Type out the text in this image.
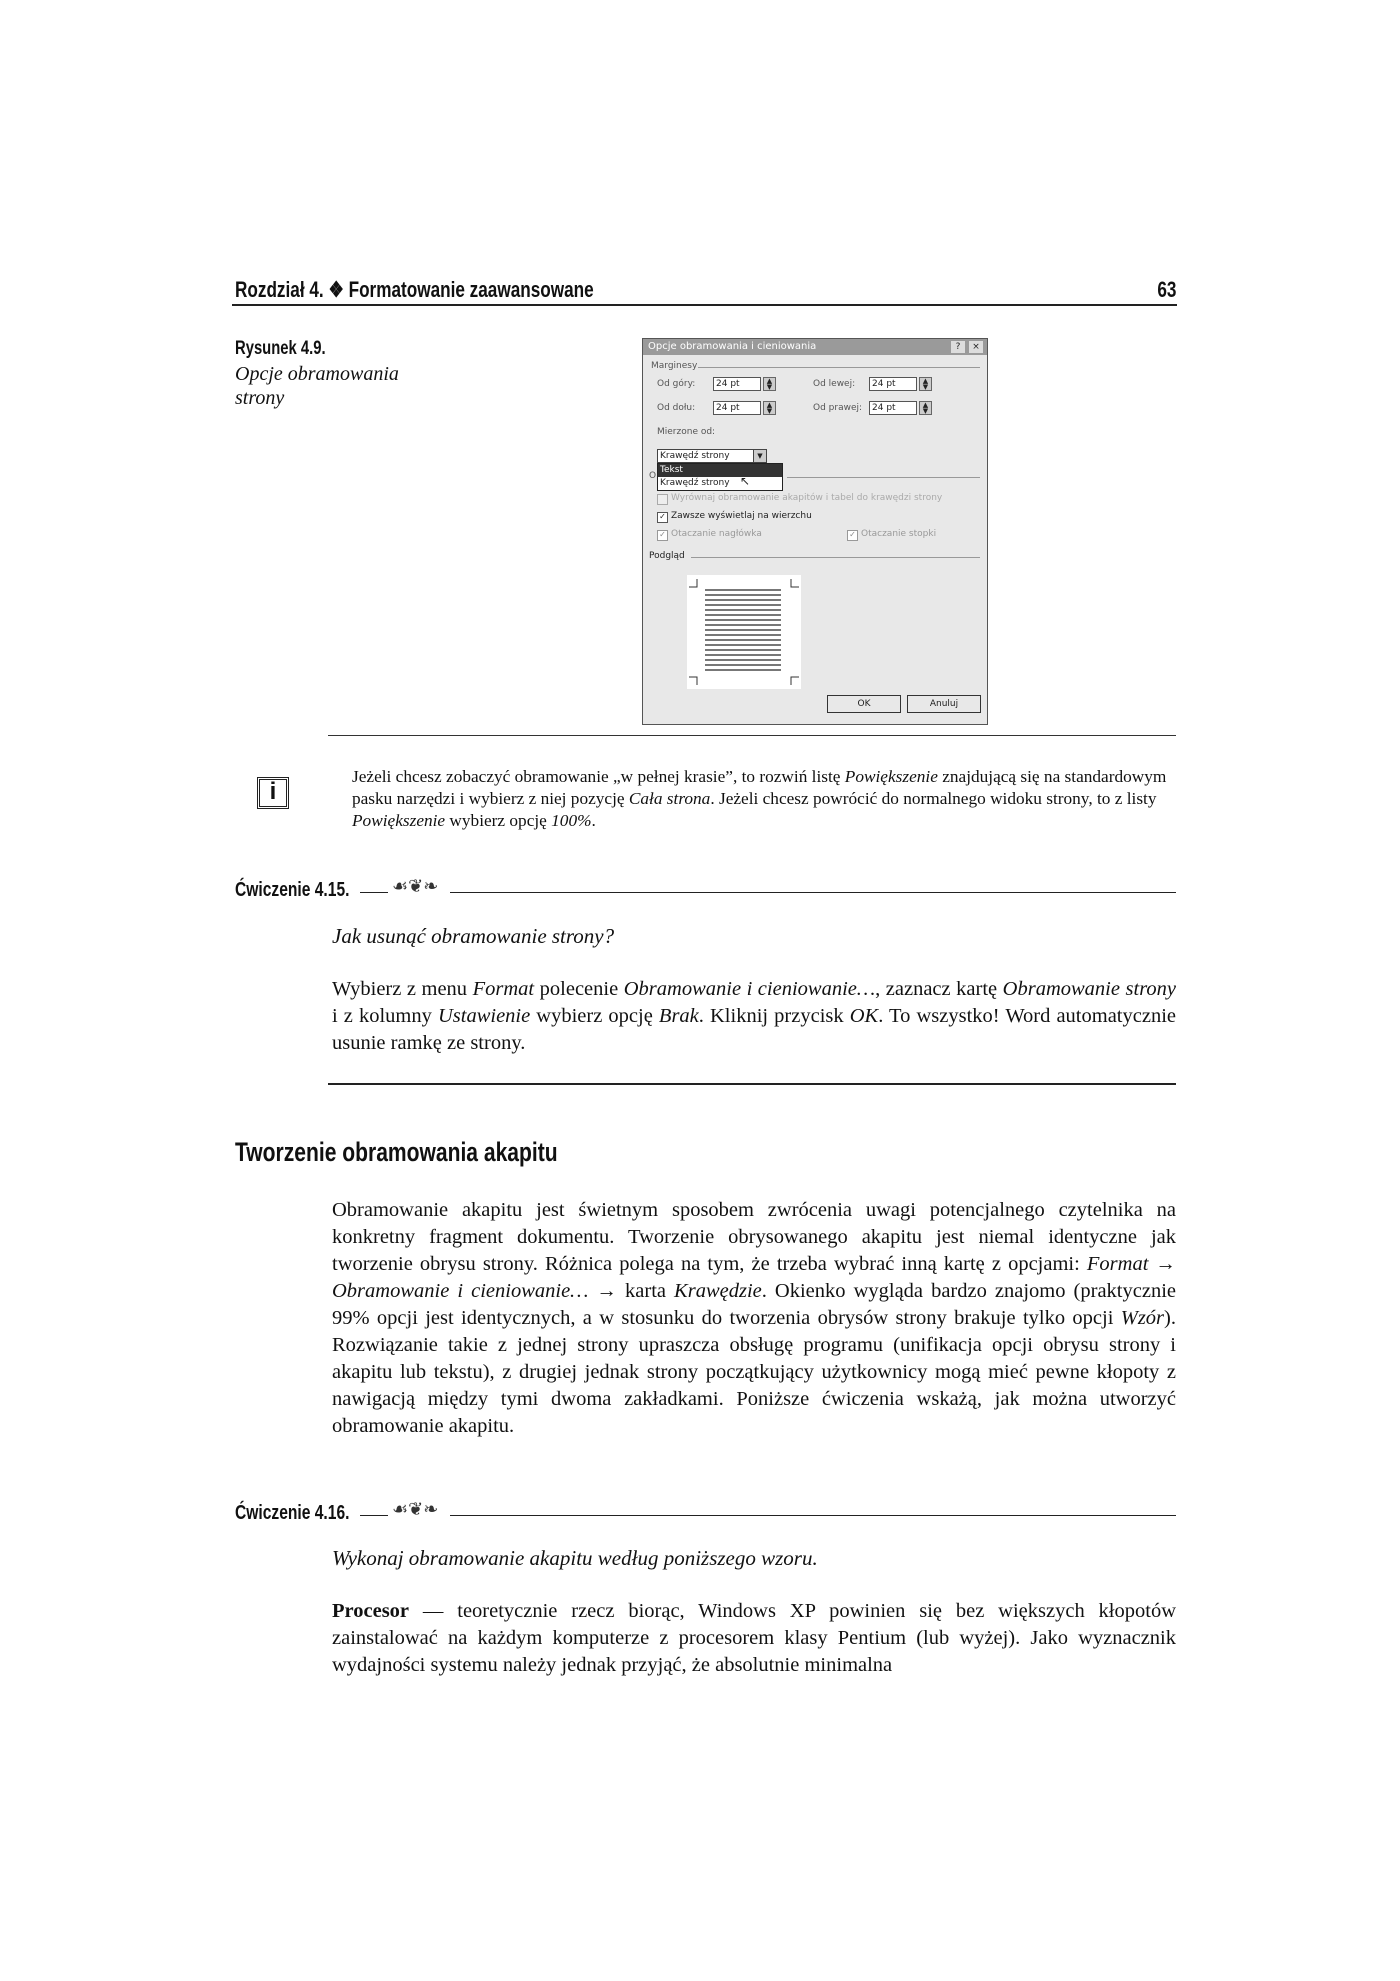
Rozdział 4. ❖ Formatowanie zaawansowane	63
Rysunek 4.9.
Opcje obramowania strony
Opcje obramowania i cieniowania	?	×
Marginesy
Od góry:	24 pt	▲
▼	Od lewej:	24 pt	▲
▼
Od dołu:	24 pt	▲
▼	Od prawej:	24 pt	▲
▼
Mierzone od:
Krawędź strony	▼
O
Tekst
Krawędź strony ↖
Wyrównaj obramowanie akapitów i tabel do krawędzi strony
✓ Zawsze wyświetlaj na wierzchu
✓ Otaczanie nagłówka	✓ Otaczanie stopki
Podgląd
OK	Anuluj
i
Jeżeli chcesz zobaczyć obramowanie „w pełnej krasie”, to rozwiń listę Powiększenie znajdującą się na standardowym pasku narzędzi i wybierz z niej pozycję Cała strona. Jeżeli chcesz powrócić do normalnego widoku strony, to z listy Powiększenie wybierz opcję 100%.
Ćwiczenie 4.15. ☙❦❧
Jak usunąć obramowanie strony?
Wybierz z menu Format polecenie Obramowanie i cieniowanie…, zaznacz kartę Obramowanie strony i z kolumny Ustawienie wybierz opcję Brak. Kliknij przycisk OK. To wszystko! Word automatycznie usunie ramkę ze strony.
Tworzenie obramowania akapitu
Obramowanie akapitu jest świetnym sposobem zwrócenia uwagi potencjalnego czytelnika na konkretny fragment dokumentu. Tworzenie obrysowanego akapitu jest niemal identyczne jak tworzenie obrysu strony. Różnica polega na tym, że trzeba wybrać inną kartę z opcjami: Format → Obramowanie i cieniowanie… → karta Krawędzie. Okienko wygląda bardzo znajomo (praktycznie 99% opcji jest identycznych, a w stosunku do tworzenia obrysów strony brakuje tylko opcji Wzór). Rozwiązanie takie z jednej strony upraszcza obsługę programu (unifikacja opcji obrysu strony i akapitu lub tekstu), z drugiej jednak strony początkujący użytkownicy mogą mieć pewne kłopoty z nawigacją między tymi dwoma zakładkami. Poniższe ćwiczenia wskażą, jak można utworzyć obramowanie akapitu.
Ćwiczenie 4.16. ☙❦❧
Wykonaj obramowanie akapitu według poniższego wzoru.
Procesor — teoretycznie rzecz biorąc, Windows XP powinien się bez większych kłopotów zainstalować na każdym komputerze z procesorem klasy Pentium (lub wyżej). Jako wyznacznik wydajności systemu należy jednak przyjąć, że absolutnie minimalna
